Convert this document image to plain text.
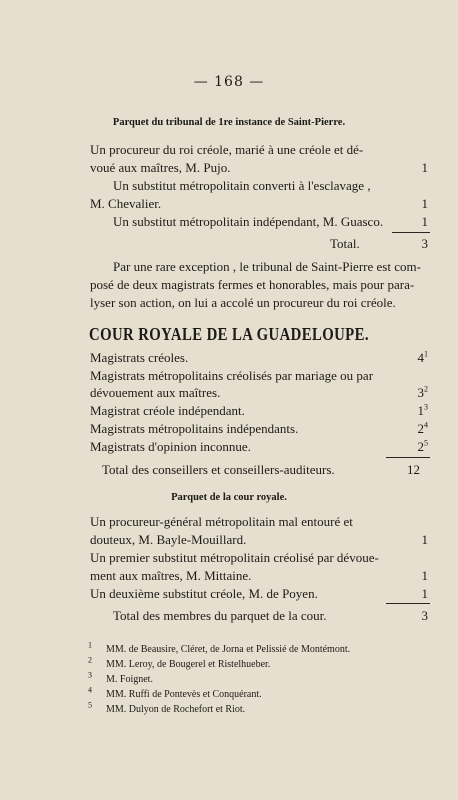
— 168 —
Parquet du tribunal de 1re instance de Saint-Pierre.
Un procureur du roi créole, marié à une créole et dé-
voué aux maîtres, M. Pujo.	1
Un substitut métropolitain converti à l'esclavage ,
M. Chevalier.	1
Un substitut métropolitain indépendant, M. Guasco.	1
Total.	3
Par une rare exception , le tribunal de Saint-Pierre est com-
posé de deux magistrats fermes et honorables, mais pour para-
lyser son action, on lui a accolé un procureur du roi créole.
COUR ROYALE DE LA GUADELOUPE.
Magistrats créoles.	$4^1$
Magistrats métropolitains créolisés par mariage ou par
dévouement aux maîtres.	$3^2$
Magistrat créole indépendant.	$1^3$
Magistrats métropolitains indépendants.	$2^4$
Magistrats d'opinion inconnue.	$2^5$
Total des conseillers et conseillers-auditeurs.	12
Parquet de la cour royale.
Un procureur-général métropolitain mal entouré et
douteux, M. Bayle-Mouillard.	1
Un premier substitut métropolitain créolisé par dévoue-
ment aux maîtres, M. Mittaine.	1
Un deuxième substitut créole, M. de Poyen.	1
Total des membres du parquet de la cour.	3
$^1$ MM. de Beausire, Cléret, de Jorna et Pelissié de Montémont.
$^2$ MM. Leroy, de Bougerel et Ristelhueber.
$^3$ M. Foignet.
$^4$ MM. Ruffi de Pontevès et Conquérant.
$^5$ MM. Dulyon de Rochefort et Riot.
